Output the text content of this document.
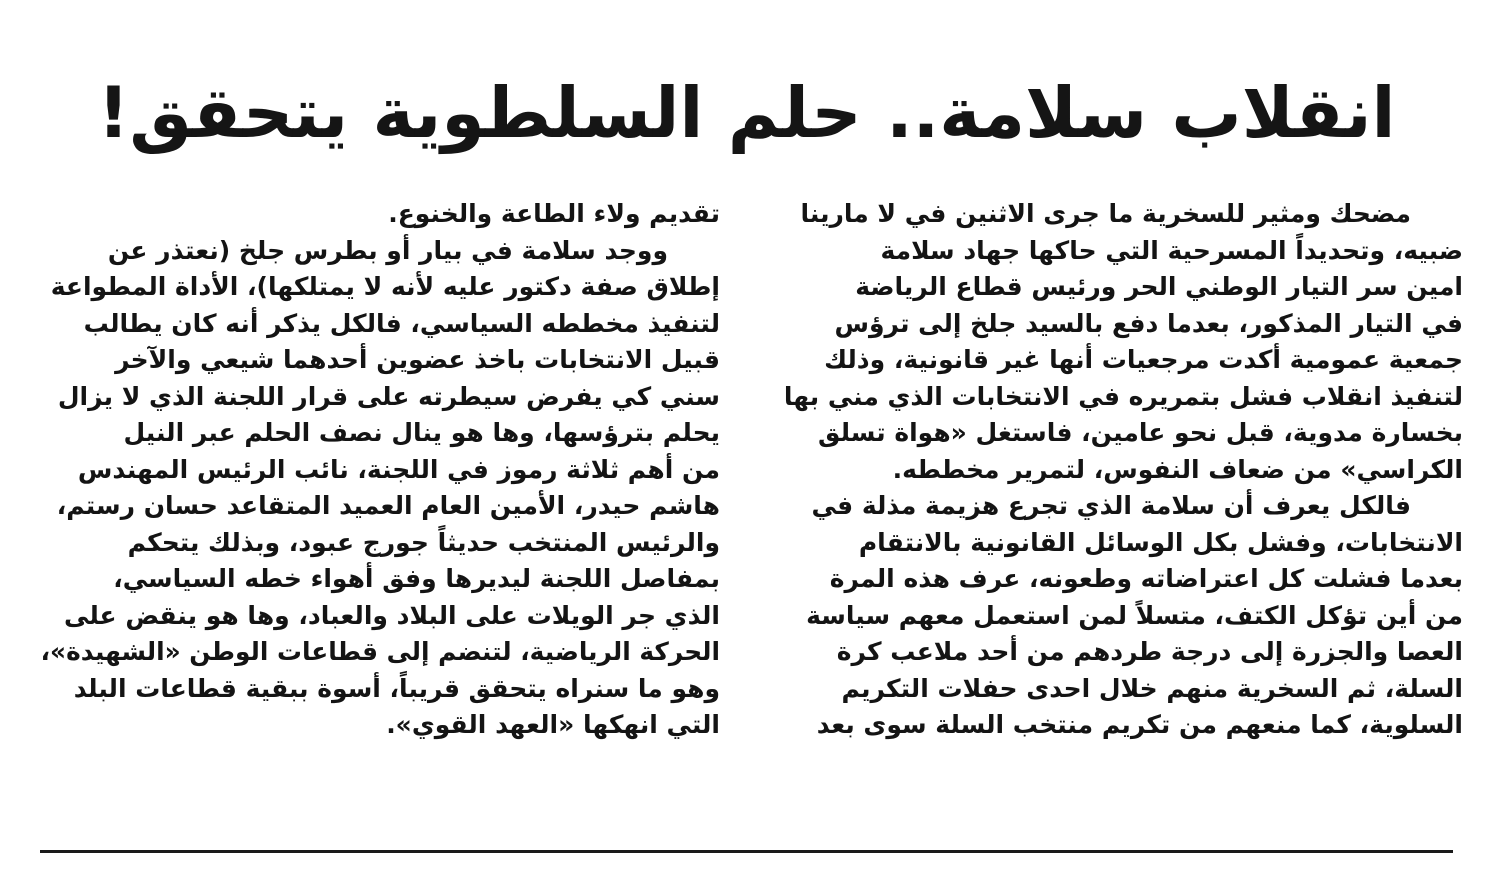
انقلاب سلامة.. حلم السلطوية يتحقق!
مضحك ومثير للسخرية ما جرى الاثنين في لا مارينا
ضبيه، وتحديداً المسرحية التي حاكها جهاد سلامة
امين سر التيار الوطني الحر ورئيس قطاع الرياضة
في التيار المذكور، بعدما دفع بالسيد جلخ إلى ترؤس
جمعية عمومية أكدت مرجعيات أنها غير قانونية، وذلك
لتنفيذ انقلاب فشل بتمريره في الانتخابات الذي مني بها
بخسارة مدوية، قبل نحو عامين، فاستغل «هواة تسلق
الكراسي» من ضعاف النفوس، لتمرير مخططه.
فالكل يعرف أن سلامة الذي تجرع هزيمة مذلة في
الانتخابات، وفشل بكل الوسائل القانونية بالانتقام
بعدما فشلت كل اعتراضاته وطعونه، عرف هذه المرة
من أين تؤكل الكتف، متسلاً لمن استعمل معهم سياسة
العصا والجزرة إلى درجة طردهم من أحد ملاعب كرة
السلة، ثم السخرية منهم خلال احدى حفلات التكريم
السلوية، كما منعهم من تكريم منتخب السلة سوى بعد
تقديم ولاء الطاعة والخنوع.
ووجد سلامة في بيار أو بطرس جلخ (نعتذر عن
إطلاق صفة دكتور عليه لأنه لا يمتلكها)، الأداة المطواعة
لتنفيذ مخططه السياسي، فالكل يذكر أنه كان يطالب
قبيل الانتخابات باخذ عضوين أحدهما شيعي والآخر
سني كي يفرض سيطرته على قرار اللجنة الذي لا يزال
يحلم بترؤسها، وها هو ينال نصف الحلم عبر النيل
من أهم ثلاثة رموز في اللجنة، نائب الرئيس المهندس
هاشم حيدر، الأمين العام العميد المتقاعد حسان رستم،
والرئيس المنتخب حديثاً جورج عبود، وبذلك يتحكم
بمفاصل اللجنة ليديرها وفق أهواء خطه السياسي،
الذي جر الويلات على البلاد والعباد، وها هو ينقض على
الحركة الرياضية، لتنضم إلى قطاعات الوطن «الشهيدة»،
وهو ما سنراه يتحقق قريباً، أسوة ببقية قطاعات البلد
التي انهكها «العهد القوي».
